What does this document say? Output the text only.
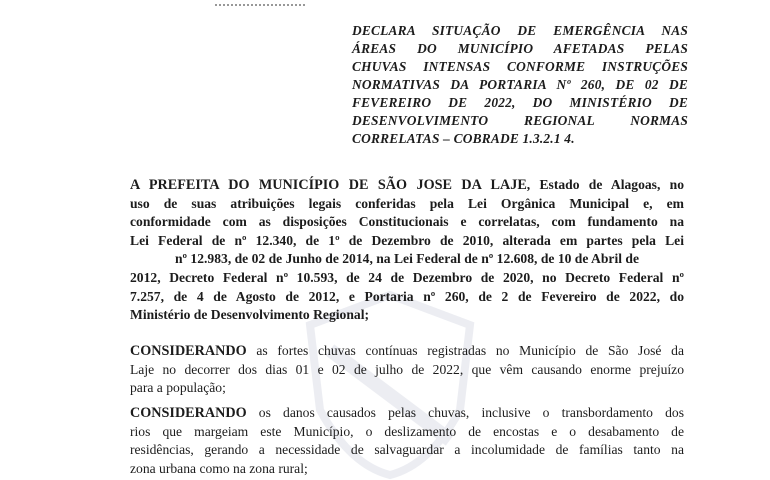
DECLARA SITUAÇÃO DE EMERGÊNCIA NAS
ÁREAS DO MUNICÍPIO AFETADAS PELAS
CHUVAS INTENSAS CONFORME INSTRUÇÕES
NORMATIVAS DA PORTARIA Nº 260, DE 02 DE
FEVEREIRO DE 2022, DO MINISTÉRIO DE
DESENVOLVIMENTO REGIONAL NORMAS
CORRELATAS – COBRADE 1.3.2.1 4.
A PREFEITA DO MUNICÍPIO DE SÃO JOSE DA LAJE, Estado de Alagoas, no
uso de suas atribuições legais conferidas pela Lei Orgânica Municipal e, em
conformidade com as disposições Constitucionais e correlatas, com fundamento na
Lei Federal de nº 12.340, de 1º de Dezembro de 2010, alterada em partes pela Lei
nº 12.983, de 02 de Junho de 2014, na Lei Federal de nº 12.608, de 10 de Abril de
2012, Decreto Federal nº 10.593, de 24 de Dezembro de 2020, no Decreto Federal nº
7.257, de 4 de Agosto de 2012, e Portaria nº 260, de 2 de Fevereiro de 2022, do
Ministério de Desenvolvimento Regional;
CONSIDERANDO as fortes chuvas contínuas registradas no Município de São José da
Laje no decorrer dos dias 01 e 02 de julho de 2022, que vêm causando enorme prejuízo
para a população;
CONSIDERANDO os danos causados pelas chuvas, inclusive o transbordamento dos
rios que margeiam este Município, o deslizamento de encostas e o desabamento de
residências, gerando a necessidade de salvaguardar a incolumidade de famílias tanto na
zona urbana como na zona rural;
